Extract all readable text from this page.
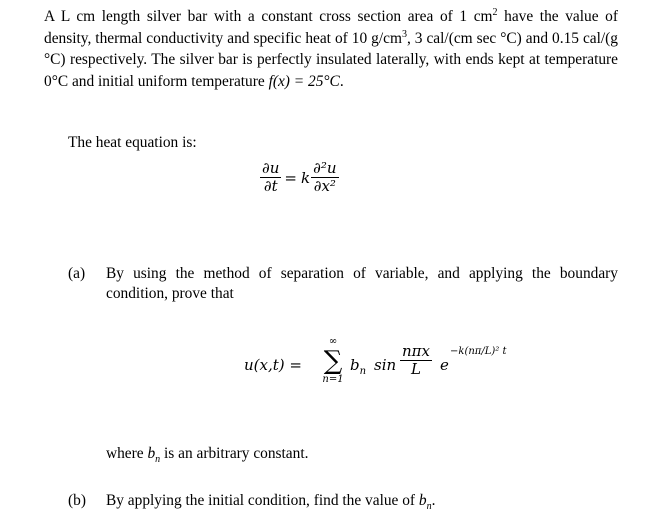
A L cm length silver bar with a constant cross section area of 1 $cm^2$ have the value of density, thermal conductivity and specific heat of 10 $g/cm^3$, 3 cal/(cm sec °C) and 0.15 cal/(g °C) respectively. The silver bar is perfectly insulated laterally, with ends kept at temperature 0°C and initial uniform temperature f(x) = 25°C.
The heat equation is:
$\frac{\partial u}{\partial t} = k \frac{\text{∂²u}}{\text{∂x²}}$
(a) By using the method of separation of variable, and applying the boundary condition, prove that
u(x,t) =
∞
∑
n=1
$b_n$ sin
nπx
L	e
−k(nπ/L)² t
where $b_n$ is an arbitrary constant.
(b) By applying the initial condition, find the value of $b_n$.
